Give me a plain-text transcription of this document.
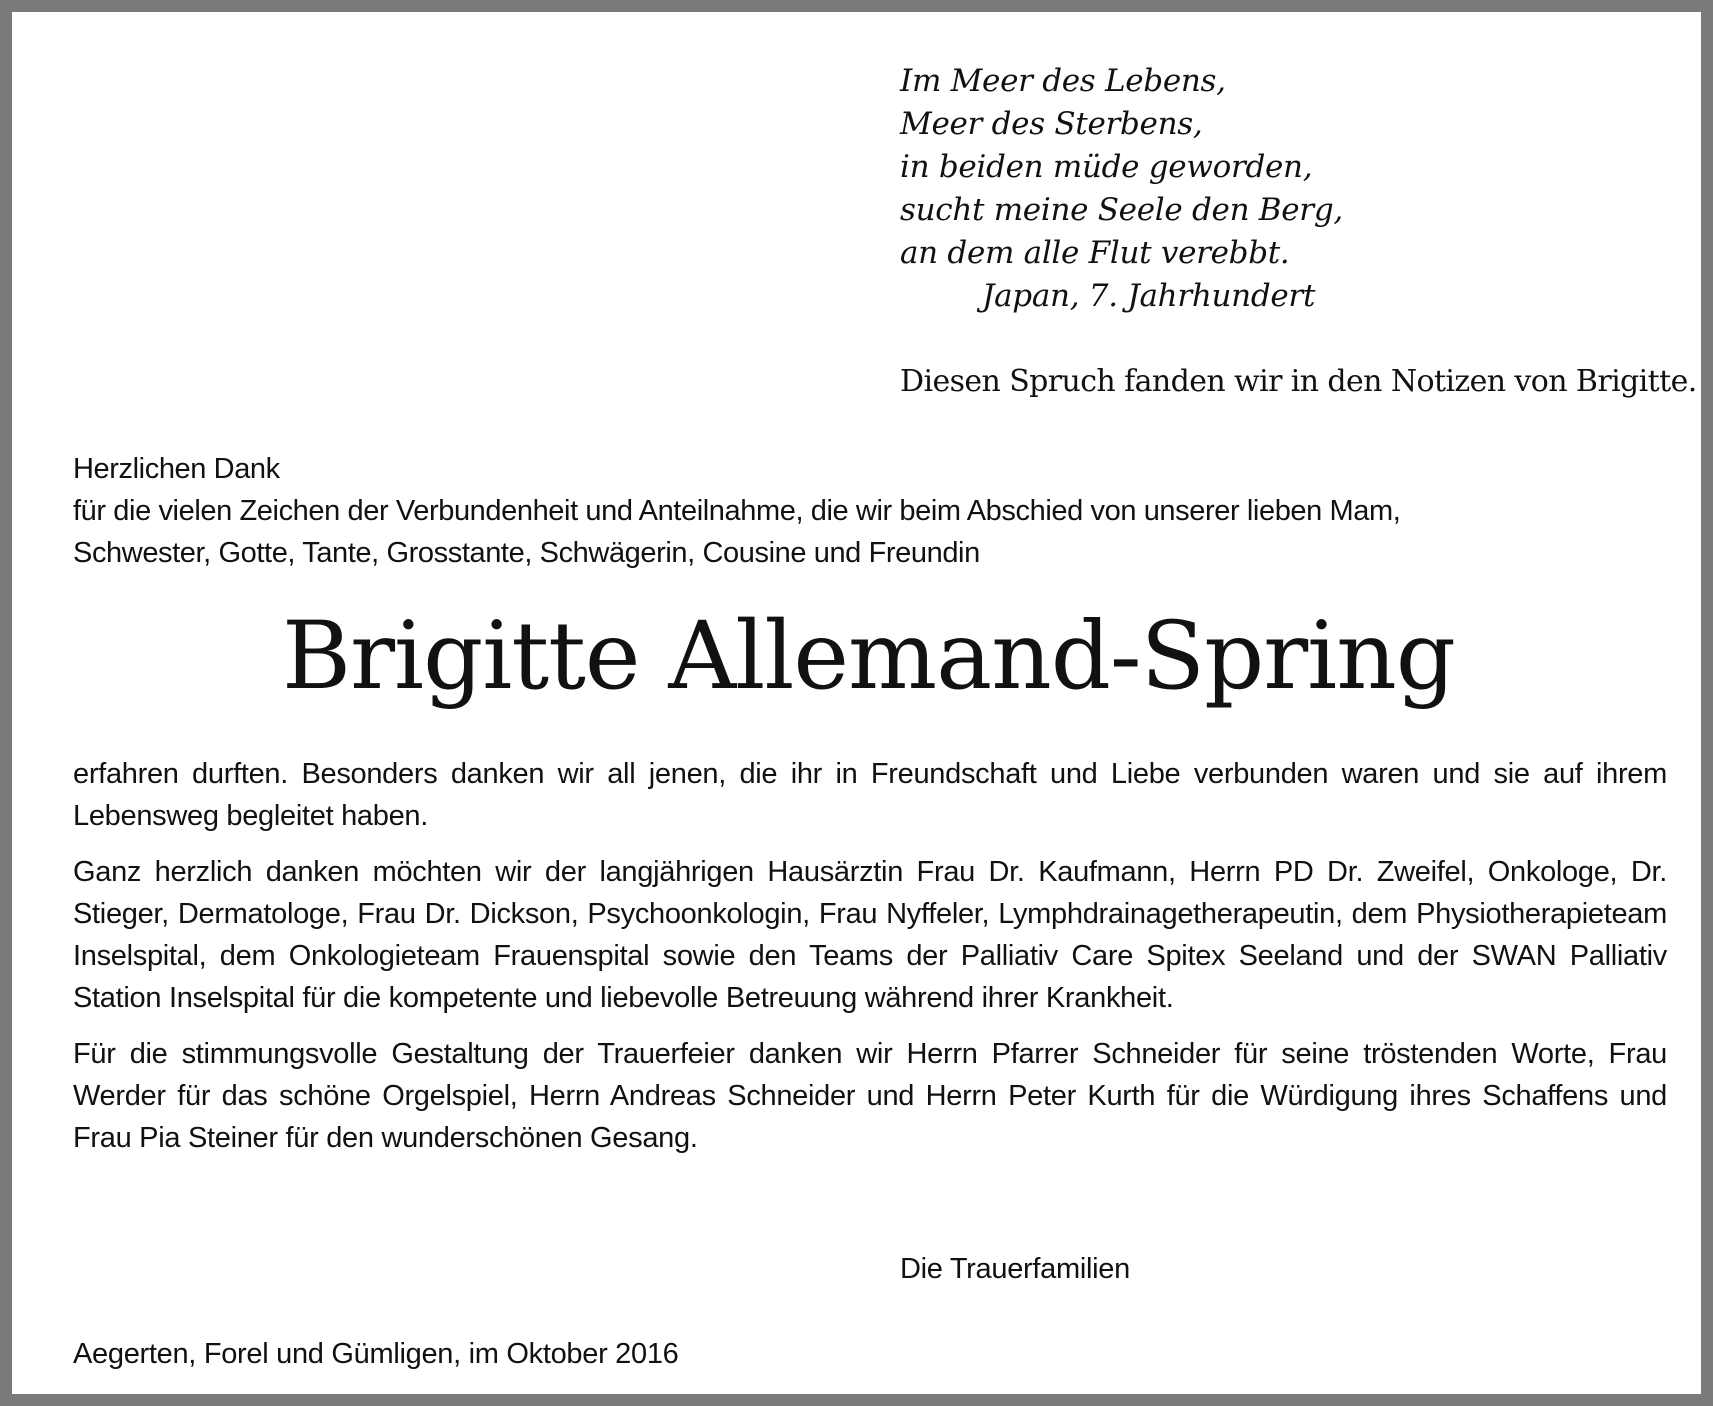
Im Meer des Lebens,
Meer des Sterbens,
in beiden müde geworden,
sucht meine Seele den Berg,
an dem alle Flut verebbt.
Japan, 7. Jahrhundert
Diesen Spruch fanden wir in den Notizen von Brigitte.
Herzlichen Dank
für die vielen Zeichen der Verbundenheit und Anteilnahme, die wir beim Abschied von unserer lieben Mam,
Schwester, Gotte, Tante, Grosstante, Schwägerin, Cousine und Freundin
Brigitte Allemand-Spring

erfahren durften. Besonders danken wir all jenen, die ihr in Freundschaft und Liebe verbunden waren und sie auf ihrem Lebensweg begleitet haben.

Ganz herzlich danken möchten wir der langjährigen Hausärztin Frau Dr. Kaufmann, Herrn PD Dr. Zweifel, Onkologe, Dr. Stieger, Dermatologe, Frau Dr. Dickson, Psychoonkologin, Frau Nyffeler, Lymphdrainagetherapeutin, dem Physiotherapieteam Inselspital, dem Onkologieteam Frauenspital sowie den Teams der Palliativ Care Spitex Seeland und der SWAN Palliativ Station Inselspital für die kompetente und liebevolle Betreuung während ihrer Krankheit.

Für die stimmungsvolle Gestaltung der Trauerfeier danken wir Herrn Pfarrer Schneider für seine tröstenden Worte, Frau Werder für das schöne Orgelspiel, Herrn Andreas Schneider und Herrn Peter Kurth für die Würdigung ihres Schaffens und Frau Pia Steiner für den wunderschönen Gesang.

Die Trauerfamilien
Aegerten, Forel und Gümligen, im Oktober 2016
